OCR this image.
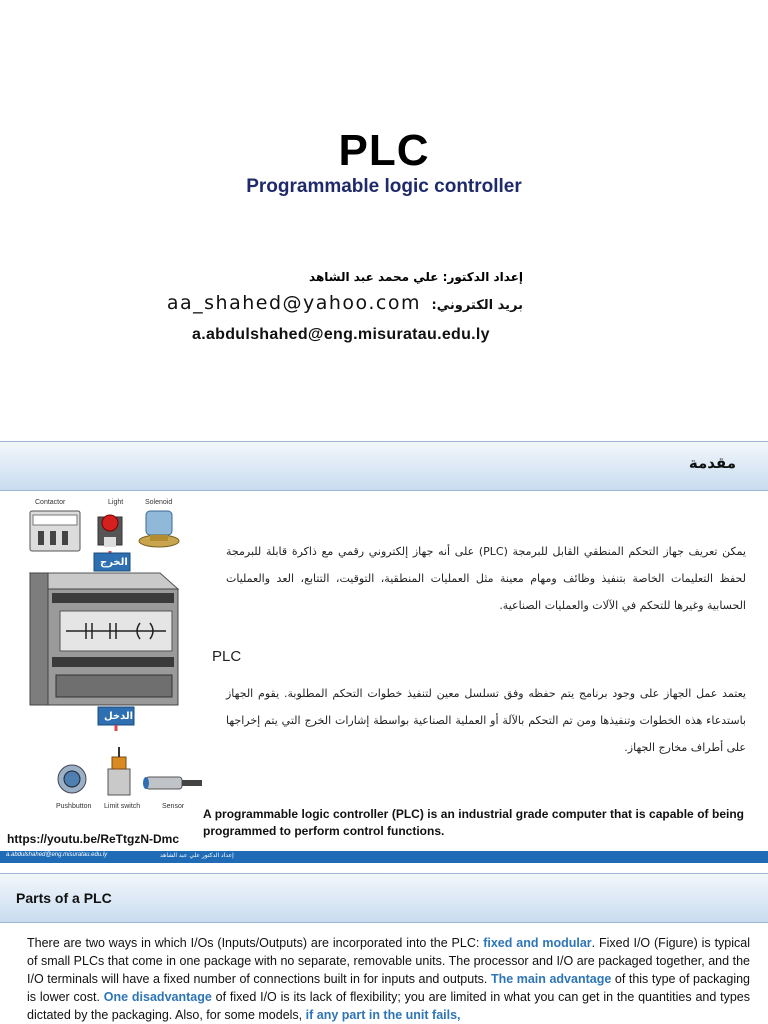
PLC
Programmable logic controller
إعداد الدكتور: علي محمد عبد الشاهد
بريد الكتروني: aa_shahed@yahoo.com
a.abdulshahed@eng.misuratau.edu.ly
مقدمة
Contactor	Light	Solenoid
الخرج
الدخل
Pushbutton Limit switch	Sensor
يمكن تعريف جهاز التحكم المنطقي القابل للبرمجة (PLC) على أنه جهاز إلكتروني رقمي مع ذاكرة قابلة للبرمجة لحفظ التعليمات الخاصة بتنفيذ وظائف ومهام معينة مثل العمليات المنطقية، التوقيت، التتابع، العد والعمليات الحسابية وغيرها للتحكم في الآلات والعمليات الصناعية.
PLC
يعتمد عمل الجهاز على وجود برنامج يتم حفظه وفق تسلسل معين لتنفيذ خطوات التحكم المطلوبة. يقوم الجهاز باستدعاء هذه الخطوات وتنفيذها ومن تم التحكم بالآلة أو العملية الصناعية بواسطة إشارات الخرج التي يتم إخراجها على أطراف مخارج الجهاز.
A programmable logic controller (PLC) is an industrial grade computer that is capable of being programmed to perform control functions.
https://youtu.be/ReTtgzN-Dmc
a.abdulshahed@eng.misuratau.edu.ly	إعداد الدكتور علي عبد الشاهد
Parts of a PLC
There are two ways in which I/Os (Inputs/Outputs) are incorporated into the PLC: fixed and modular. Fixed I/O (Figure) is typical of small PLCs that come in one package with no separate, removable units. The processor and I/O are packaged together, and the I/O terminals will have a fixed number of connections built in for inputs and outputs. The main advantage of this type of packaging is lower cost. One disadvantage of fixed I/O is its lack of flexibility; you are limited in what you can get in the quantities and types dictated by the packaging. Also, for some models, if any part in the unit fails,
